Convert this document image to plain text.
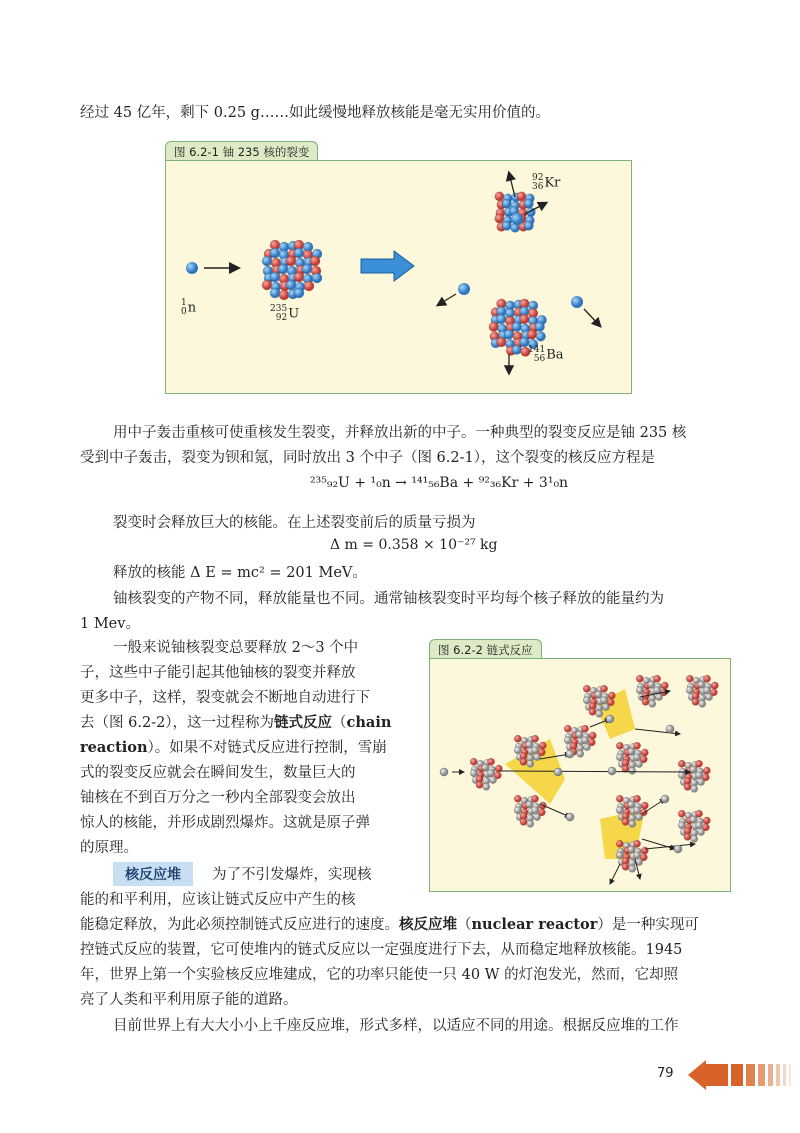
经过 45 亿年，剩下 0.25 g……如此缓慢地释放核能是毫无实用价值的。
图 6.2-1 铀 235 核的裂变
1
0 n	235
92 U
92
36 Kr
141
56 Ba
用中子轰击重核可使重核发生裂变，并释放出新的中子。一种典型的裂变反应是铀 235 核
受到中子轰击，裂变为钡和氪，同时放出 3 个中子（图 6.2-1），这个裂变的核反应方程是
²³⁵₉₂U + ¹₀n → ¹⁴¹₅₆Ba + ⁹²₃₆Kr + 3¹₀n
裂变时会释放巨大的核能。在上述裂变前后的质量亏损为
Δ m = 0.358 × 10⁻²⁷ kg
释放的核能 Δ E = mc² = 201 MeV。
铀核裂变的产物不同，释放能量也不同。通常铀核裂变时平均每个核子释放的能量约为
1 Mev。
一般来说铀核裂变总要释放 2～3 个中
子，这些中子能引起其他铀核的裂变并释放
更多中子，这样，裂变就会不断地自动进行下
去（图 6.2-2），这一过程称为链式反应（chain
reaction）。如果不对链式反应进行控制，雪崩
式的裂变反应就会在瞬间发生，数量巨大的
铀核在不到百万分之一秒内全部裂变会放出
惊人的核能，并形成剧烈爆炸。这就是原子弹
的原理。
图 6.2-2 链式反应
核反应堆	为了不引发爆炸，实现核
能的和平利用，应该让链式反应中产生的核
能稳定释放，为此必须控制链式反应进行的速度。核反应堆（nuclear reactor）是一种实现可
控链式反应的装置，它可使堆内的链式反应以一定强度进行下去，从而稳定地释放核能。1945
年，世界上第一个实验核反应堆建成，它的功率只能使一只 40 W 的灯泡发光，然而，它却照
亮了人类和平利用原子能的道路。
目前世界上有大大小小上千座反应堆，形式多样，以适应不同的用途。根据反应堆的工作
79
